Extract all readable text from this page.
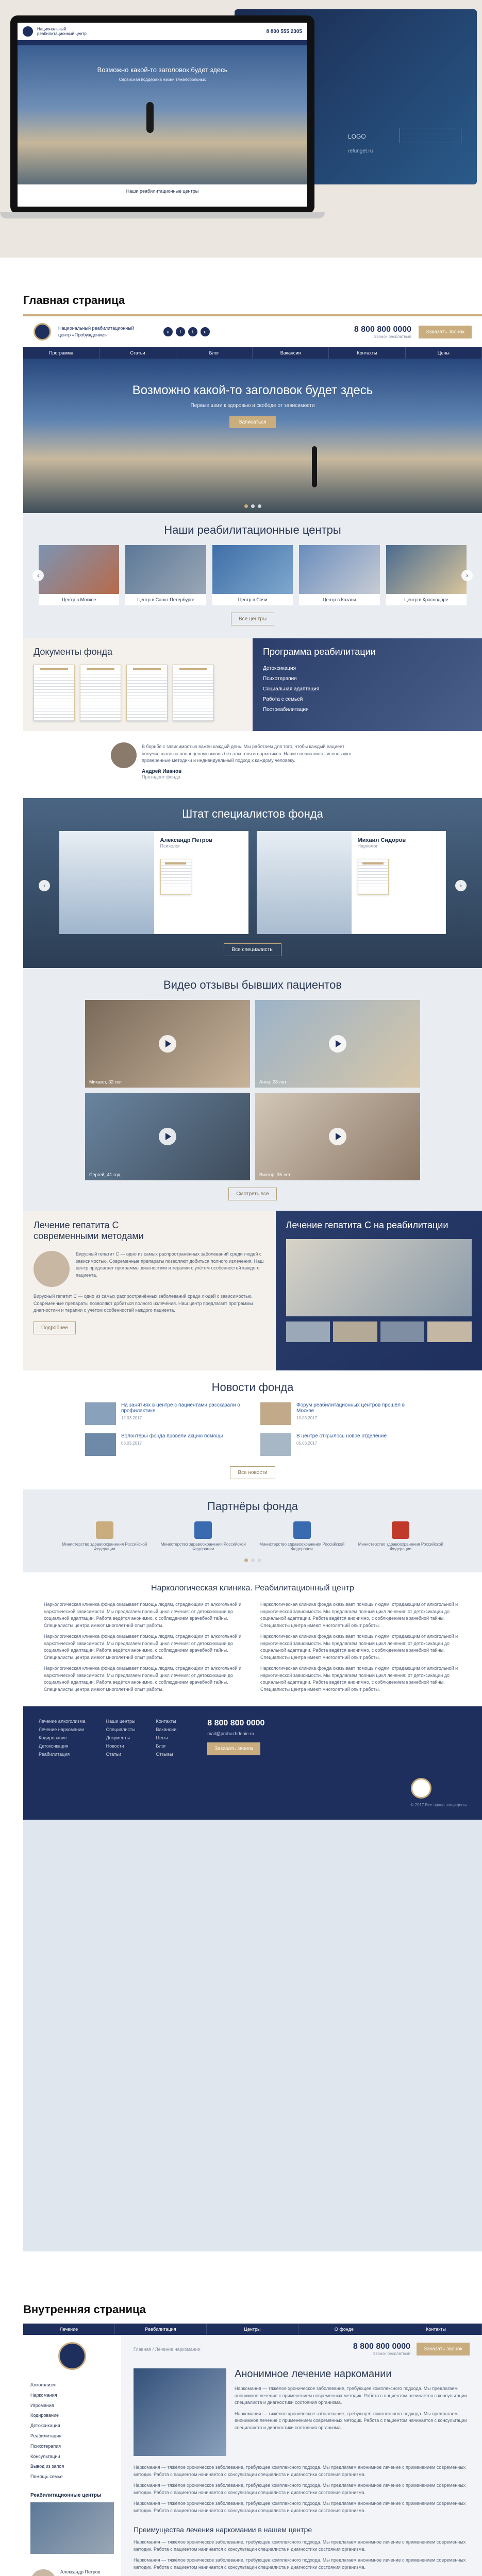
LOGO
refunget.ru
Национальный реабилитационный центр	8 800 555 2305
Возможно какой-то заголовок будет здесь
Сервисная поддержка жизни тяжелобольных
Наши реабилитационные центры
Главная страница
Национальный реабилитационный центр «Пробуждение»
в	f	t	о	8 800 800 0000
Звонок бесплатный
Заказать звонок
Программа	Статьи	Блог	Вакансии	Контакты	Цены
Возможно какой-то заголовок будет здесь
Первые шаги к здоровью и свободе от зависимости
Записаться
Наши реабилитационные центры
Центр в Москве	Центр в Санкт-Петербурге	Центр в Сочи	Центр в Казани	Центр в Краснодаре
‹	›
Все центры
Документы фонда	Программа реабилитации
Детоксикация
Психотерапия
Социальная адаптация
Работа с семьей
Постреабилитация
В борьбе с зависимостью важен каждый день. Мы работаем для того, чтобы каждый пациент получил шанс на полноценную жизнь без алкоголя и наркотиков. Наши специалисты используют проверенные методики и индивидуальный подход к каждому человеку.
Андрей Иванов
Президент фонда
Штат специалистов фонда
Александр Петров
Психолог
Михаил Сидоров
Нарколог
‹	›
Все специалисты
Видео отзывы бывших пациентов
Михаил, 32 лет	Анна, 28 лет
Сергей, 41 год	Виктор, 35 лет
Смотреть все
Лечение гепатита С современными методами
Вирусный гепатит С — одно из самых распространённых заболеваний среди людей с зависимостью. Современные препараты позволяют добиться полного излечения. Наш центр предлагает программы диагностики и терапии с учётом особенностей каждого пациента.
Вирусный гепатит С — одно из самых распространённых заболеваний среди людей с зависимостью. Современные препараты позволяют добиться полного излечения. Наш центр предлагает программы диагностики и терапии с учётом особенностей каждого пациента.
Подробнее
Лечение гепатита С на реабилитации
Новости фонда
На занятиях в центре с пациентами рассказали о профилактике
12.03.2017
Форум реабилитационных центров прошёл в Москве
10.03.2017
Волонтёры фонда провели акцию помощи
08.03.2017
В центре открылось новое отделение
05.03.2017
Все новости
Партнёры фонда
Министерство здравоохранения Российской Федерации
Министерство здравоохранения Российской Федерации
Министерство здравоохранения Российской Федерации
Министерство здравоохранения Российской Федерации
Наркологическая клиника. Реабилитационный центр

Наркологическая клиника фонда оказывает помощь людям, страдающим от алкогольной и наркотической зависимости. Мы предлагаем полный цикл лечения: от детоксикации до социальной адаптации. Работа ведётся анонимно, с соблюдением врачебной тайны. Специалисты центра имеют многолетний опыт работы.

Наркологическая клиника фонда оказывает помощь людям, страдающим от алкогольной и наркотической зависимости. Мы предлагаем полный цикл лечения: от детоксикации до социальной адаптации. Работа ведётся анонимно, с соблюдением врачебной тайны. Специалисты центра имеют многолетний опыт работы.

Наркологическая клиника фонда оказывает помощь людям, страдающим от алкогольной и наркотической зависимости. Мы предлагаем полный цикл лечения: от детоксикации до социальной адаптации. Работа ведётся анонимно, с соблюдением врачебной тайны. Специалисты центра имеют многолетний опыт работы.

Наркологическая клиника фонда оказывает помощь людям, страдающим от алкогольной и наркотической зависимости. Мы предлагаем полный цикл лечения: от детоксикации до социальной адаптации. Работа ведётся анонимно, с соблюдением врачебной тайны. Специалисты центра имеют многолетний опыт работы.

Наркологическая клиника фонда оказывает помощь людям, страдающим от алкогольной и наркотической зависимости. Мы предлагаем полный цикл лечения: от детоксикации до социальной адаптации. Работа ведётся анонимно, с соблюдением врачебной тайны. Специалисты центра имеют многолетний опыт работы.

Наркологическая клиника фонда оказывает помощь людям, страдающим от алкогольной и наркотической зависимости. Мы предлагаем полный цикл лечения: от детоксикации до социальной адаптации. Работа ведётся анонимно, с соблюдением врачебной тайны. Специалисты центра имеют многолетний опыт работы.

Лечение алкоголизма
Лечение наркомании
Кодирование
Детоксикация
Реабилитация
Наши центры
Специалисты
Документы
Новости
Статьи
Контакты
Вакансии
Цены
Блог
Отзывы
8 800 800 0000
mail@probuzhdenie.ru
Заказать звонок
© 2017 Все права защищены
Внутренняя страница
Лечение	Реабилитация	Центры	О фонде	Контакты
Алкоголизм
Наркомания
Игромания
Кодирование
Детоксикация
Реабилитация
Психотерапия
Консультации
Вывод из запоя
Помощь семье
Реабилитационные центры
Александр Петров
Главная / Лечение наркомании	8 800 800 0000
Звонок бесплатный
Заказать звонок
Анонимное лечение наркомании

Наркомания — тяжёлое хроническое заболевание, требующее комплексного подхода. Мы предлагаем анонимное лечение с применением современных методик. Работа с пациентом начинается с консультации специалиста и диагностики состояния организма.

Наркомания — тяжёлое хроническое заболевание, требующее комплексного подхода. Мы предлагаем анонимное лечение с применением современных методик. Работа с пациентом начинается с консультации специалиста и диагностики состояния организма.

Наркомания — тяжёлое хроническое заболевание, требующее комплексного подхода. Мы предлагаем анонимное лечение с применением современных методик. Работа с пациентом начинается с консультации специалиста и диагностики состояния организма.

Наркомания — тяжёлое хроническое заболевание, требующее комплексного подхода. Мы предлагаем анонимное лечение с применением современных методик. Работа с пациентом начинается с консультации специалиста и диагностики состояния организма.

Наркомания — тяжёлое хроническое заболевание, требующее комплексного подхода. Мы предлагаем анонимное лечение с применением современных методик. Работа с пациентом начинается с консультации специалиста и диагностики состояния организма.

Преимущества лечения наркомании в нашем центре

Наркомания — тяжёлое хроническое заболевание, требующее комплексного подхода. Мы предлагаем анонимное лечение с применением современных методик. Работа с пациентом начинается с консультации специалиста и диагностики состояния организма.

Наркомания — тяжёлое хроническое заболевание, требующее комплексного подхода. Мы предлагаем анонимное лечение с применением современных методик. Работа с пациентом начинается с консультации специалиста и диагностики состояния организма.
